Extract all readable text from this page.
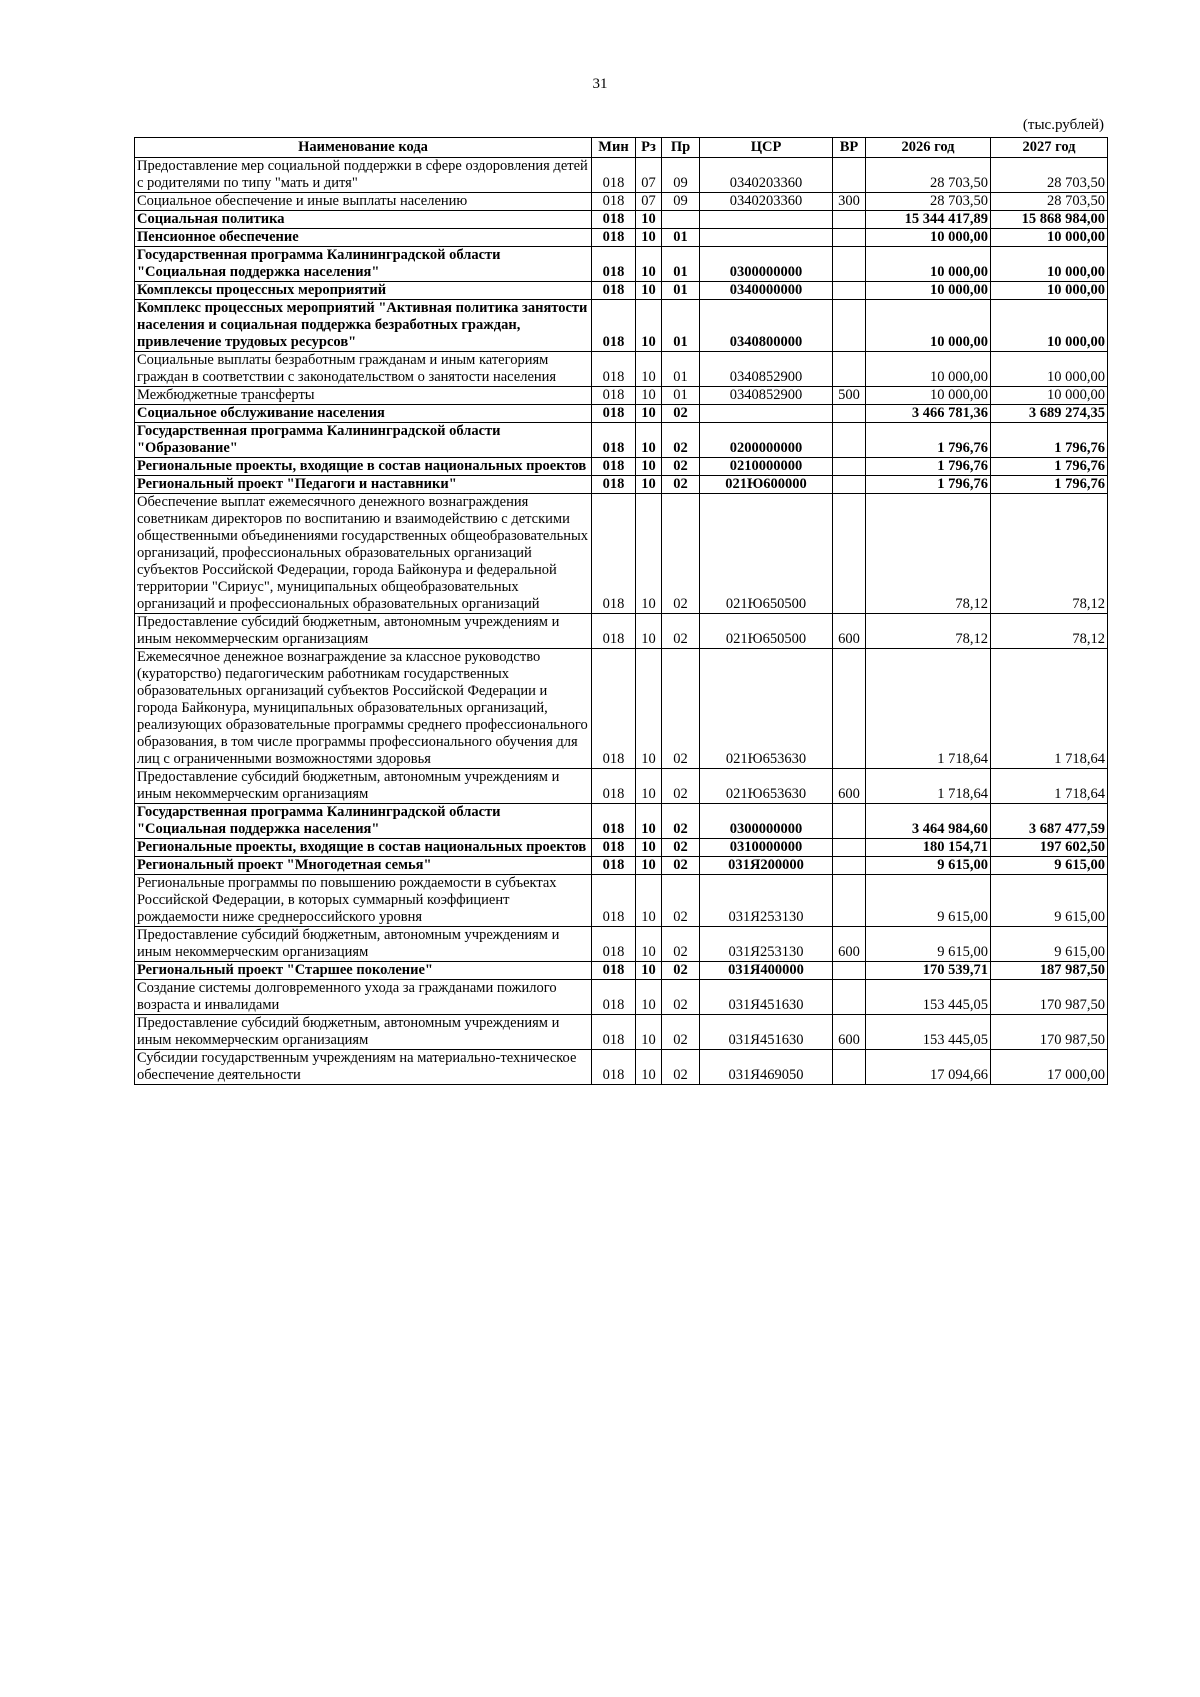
31
(тыс.рублей)
Наименование кода	Мин	Рз	Пр	ЦСР	ВР	2026 год	2027 год
Предоставление мер социальной поддержки в сфере оздоровления детей с родителями по типу "мать и дитя"	018	07	09	0340203360		28 703,50	28 703,50
Социальное обеспечение и иные выплаты населению	018	07	09	0340203360	300	28 703,50	28 703,50
Социальная политика	018	10				15 344 417,89	15 868 984,00
Пенсионное обеспечение	018	10	01			10 000,00	10 000,00
Государственная программа Калининградской области "Социальная поддержка населения"	018	10	01	0300000000		10 000,00	10 000,00
Комплексы процессных мероприятий	018	10	01	0340000000		10 000,00	10 000,00
Комплекс процессных мероприятий "Активная политика занятости населения и социальная поддержка безработных граждан, привлечение трудовых ресурсов"	018	10	01	0340800000		10 000,00	10 000,00
Социальные выплаты безработным гражданам и иным категориям граждан в соответствии с законодательством о занятости населения	018	10	01	0340852900		10 000,00	10 000,00
Межбюджетные трансферты	018	10	01	0340852900	500	10 000,00	10 000,00
Социальное обслуживание населения	018	10	02			3 466 781,36	3 689 274,35
Государственная программа Калининградской области "Образование"	018	10	02	0200000000		1 796,76	1 796,76
Региональные проекты, входящие в состав национальных проектов	018	10	02	0210000000		1 796,76	1 796,76
Региональный проект "Педагоги и наставники"	018	10	02	021Ю600000		1 796,76	1 796,76
Обеспечение выплат ежемесячного денежного вознаграждения советникам директоров по воспитанию и взаимодействию с детскими общественными объединениями государственных общеобразовательных организаций, профессиональных образовательных организаций субъектов Российской Федерации, города Байконура и федеральной территории "Сириус", муниципальных общеобразовательных организаций и профессиональных образовательных организаций	018	10	02	021Ю650500		78,12	78,12
Предоставление субсидий бюджетным, автономным учреждениям и иным некоммерческим организациям	018	10	02	021Ю650500	600	78,12	78,12
Ежемесячное денежное вознаграждение за классное руководство (кураторство) педагогическим работникам государственных образовательных организаций субъектов Российской Федерации и города Байконура, муниципальных образовательных организаций, реализующих образовательные программы среднего профессионального образования, в том числе программы профессионального обучения для лиц с ограниченными возможностями здоровья	018	10	02	021Ю653630		1 718,64	1 718,64
Предоставление субсидий бюджетным, автономным учреждениям и иным некоммерческим организациям	018	10	02	021Ю653630	600	1 718,64	1 718,64
Государственная программа Калининградской области "Социальная поддержка населения"	018	10	02	0300000000		3 464 984,60	3 687 477,59
Региональные проекты, входящие в состав национальных проектов	018	10	02	0310000000		180 154,71	197 602,50
Региональный проект "Многодетная семья"	018	10	02	031Я200000		9 615,00	9 615,00
Региональные программы по повышению рождаемости в субъектах Российской Федерации, в которых суммарный коэффициент рождаемости ниже среднероссийского уровня	018	10	02	031Я253130		9 615,00	9 615,00
Предоставление субсидий бюджетным, автономным учреждениям и иным некоммерческим организациям	018	10	02	031Я253130	600	9 615,00	9 615,00
Региональный проект "Старшее поколение"	018	10	02	031Я400000		170 539,71	187 987,50
Создание системы долговременного ухода за гражданами пожилого возраста и инвалидами	018	10	02	031Я451630		153 445,05	170 987,50
Предоставление субсидий бюджетным, автономным учреждениям и иным некоммерческим организациям	018	10	02	031Я451630	600	153 445,05	170 987,50
Субсидии государственным учреждениям на материально-техническое обеспечение деятельности	018	10	02	031Я469050		17 094,66	17 000,00
